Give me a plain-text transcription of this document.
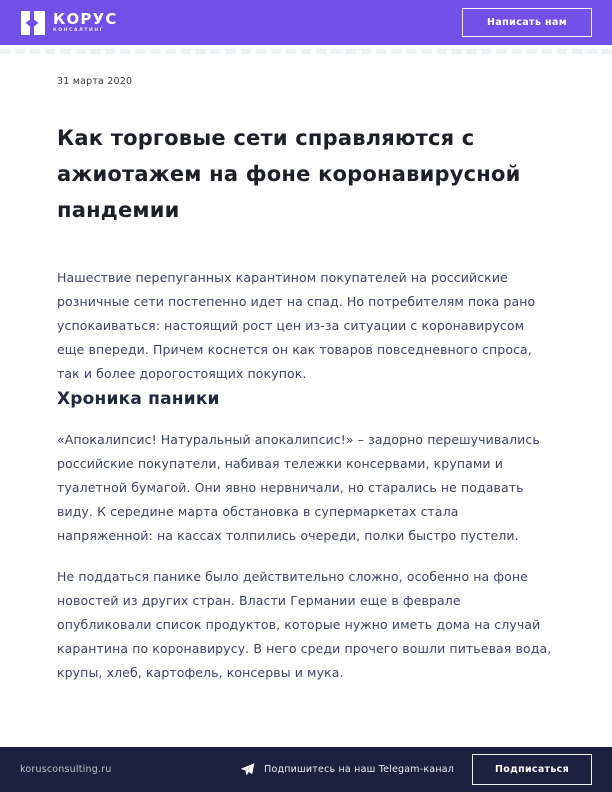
КОРУС
КОНСАЛТИНГ
Написать нам
31 марта 2020
Как торговые сети справляются с ажиотажем на фоне коронавирусной пандемии

Нашествие перепуганных карантином покупателей на российские розничные сети постепенно идет на спад. Но потребителям пока рано успокаиваться: настоящий рост цен из-за ситуации с коронавирусом еще впереди. Причем коснется он как товаров повседневного спроса, так и более дорогостоящих покупок.

Хроника паники

«Апокалипсис! Натуральный апокалипсис!» – задорно перешучивались российские покупатели, набивая тележки консервами, крупами и туалетной бумагой. Они явно нервничали, но старались не подавать виду. К середине марта обстановка в супермаркетах стала напряженной: на кассах толпились очереди, полки быстро пустели.

Не поддаться панике было действительно сложно, особенно на фоне новостей из других стран. Власти Германии еще в феврале опубликовали список продуктов, которые нужно иметь дома на случай карантина по коронавирусу. В него среди прочего вошли питьевая вода, крупы, хлеб, картофель, консервы и мука.

korusconsulting.ru	Подпишитесь на наш Telegam-канал	Подписаться
